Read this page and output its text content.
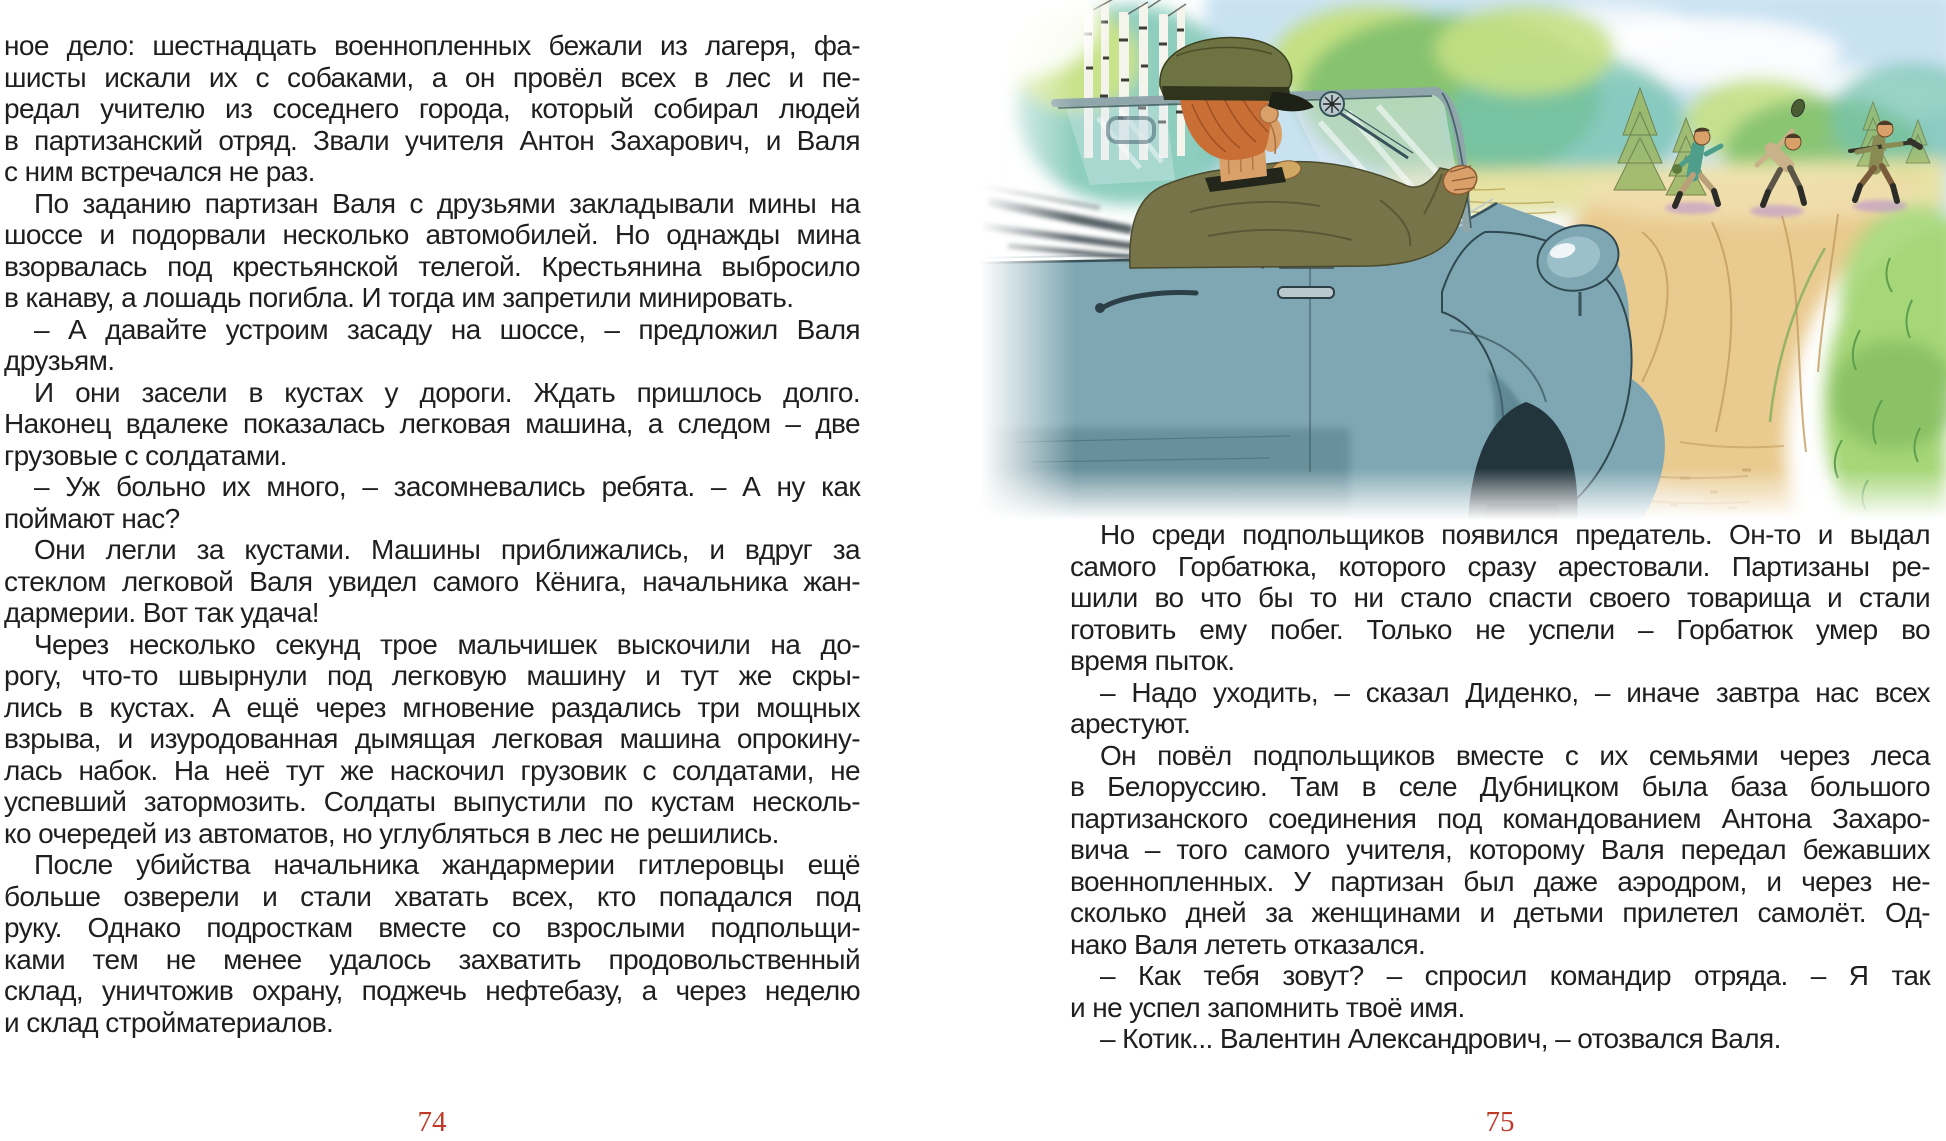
ное дело: шестнадцать военнопленных бежали из лагеря, фа-
шисты искали их с собаками, а он провёл всех в лес и пе-
редал учителю из соседнего города, который собирал людей
в партизанский отряд. Звали учителя Антон Захарович, и Валя
с ним встречался не раз.
По заданию партизан Валя с друзьями закладывали мины на
шоссе и подорвали несколько автомобилей. Но однажды мина
взорвалась под крестьянской телегой. Крестьянина выбросило
в канаву, а лошадь погибла. И тогда им запретили минировать.
– А давайте устроим засаду на шоссе, – предложил Валя
друзьям.
И они засели в кустах у дороги. Ждать пришлось долго.
Наконец вдалеке показалась легковая машина, а следом – две
грузовые с солдатами.
– Уж больно их много, – засомневались ребята. – А ну как
поймают нас?
Они легли за кустами. Машины приближались, и вдруг за
стеклом легковой Валя увидел самого Кёнига, начальника жан-
дармерии. Вот так удача!
Через несколько секунд трое мальчишек выскочили на до-
рогу, что-то швырнули под легковую машину и тут же скры-
лись в кустах. А ещё через мгновение раздались три мощных
взрыва, и изуродованная дымящая легковая машина опрокину-
лась набок. На неё тут же наскочил грузовик с солдатами, не
успевший затормозить. Солдаты выпустили по кустам несколь-
ко очередей из автоматов, но углубляться в лес не решились.
После убийства начальника жандармерии гитлеровцы ещё
больше озверели и стали хватать всех, кто попадался под
руку. Однако подросткам вместе со взрослыми подпольщи-
ками тем не менее удалось захватить продовольственный
склад, уничтожив охрану, поджечь нефтебазу, а через неделю
и склад стройматериалов.
74
Но среди подпольщиков появился предатель. Он-то и выдал
самого Горбатюка, которого сразу арестовали. Партизаны ре-
шили во что бы то ни стало спасти своего товарища и стали
готовить ему побег. Только не успели – Горбатюк умер во
время пыток.
– Надо уходить, – сказал Диденко, – иначе завтра нас всех
арестуют.
Он повёл подпольщиков вместе с их семьями через леса
в Белоруссию. Там в селе Дубницком была база большого
партизанского соединения под командованием Антона Захаро-
вича – того самого учителя, которому Валя передал бежавших
военнопленных. У партизан был даже аэродром, и через не-
сколько дней за женщинами и детьми прилетел самолёт. Од-
нако Валя лететь отказался.
– Как тебя зовут? – спросил командир отряда. – Я так
и не успел запомнить твоё имя.
– Котик... Валентин Александрович, – отозвался Валя.
75
